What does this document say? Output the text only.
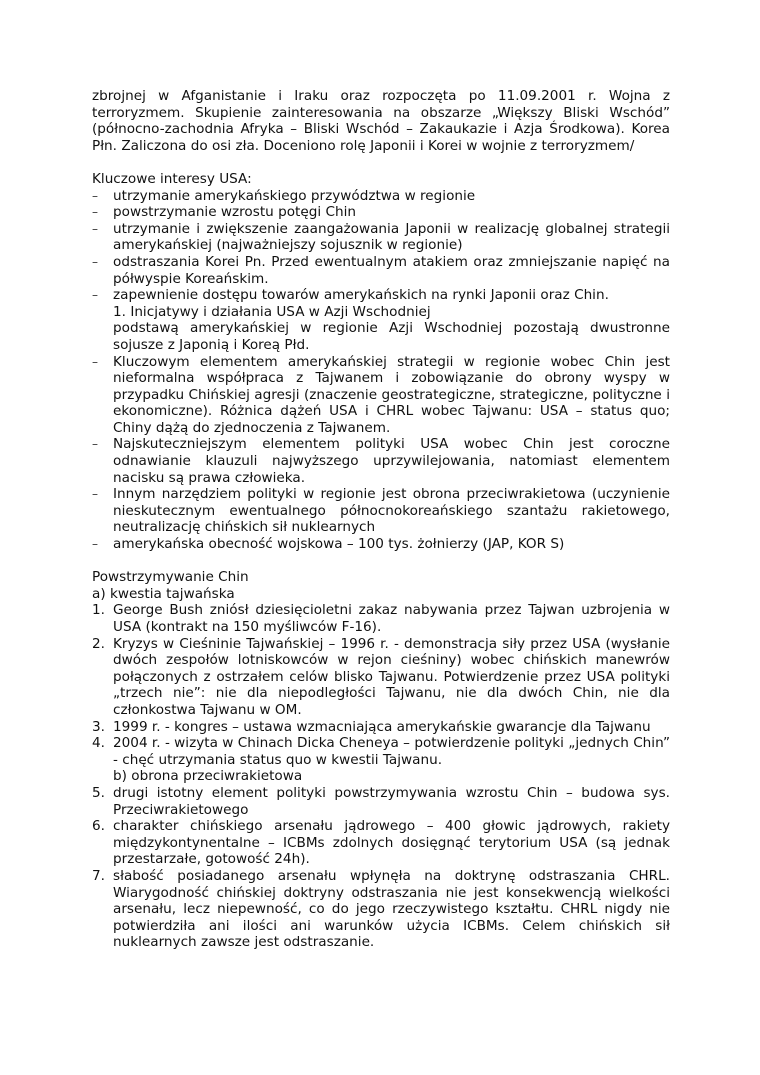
zbrojnej w Afganistanie i Iraku oraz rozpoczęta po 11.09.2001 r. Wojna z terroryzmem. Skupienie zainteresowania na obszarze „Większy Bliski Wschód” (północno-zachodnia Afryka – Bliski Wschód – Zakaukazie i Azja Środkowa). Korea Płn. Zaliczona do osi zła. Doceniono rolę Japonii i Korei w wojnie z terroryzmem/

Kluczowe interesy USA:

– utrzymanie amerykańskiego przywództwa w regionie
– powstrzymanie wzrostu potęgi Chin
– utrzymanie i zwiększenie zaangażowania Japonii w realizację globalnej strategii amerykańskiej (najważniejszy sojusznik w regionie)
– odstraszania Korei Pn. Przed ewentualnym atakiem oraz zmniejszanie napięć na półwyspie Koreańskim.
– zapewnienie dostępu towarów amerykańskich na rynki Japonii oraz Chin.

1. Inicjatywy i działania USA w Azji Wschodniej

podstawą amerykańskiej w regionie Azji Wschodniej pozostają dwustronne sojusze z Japonią i Koreą Płd.

– Kluczowym elementem amerykańskiej strategii w regionie wobec Chin jest nieformalna współpraca z Tajwanem i zobowiązanie do obrony wyspy w przypadku Chińskiej agresji (znaczenie geostrategiczne, strategiczne, polityczne i ekonomiczne). Różnica dążeń USA i CHRL wobec Tajwanu: USA – status quo; Chiny dążą do zjednoczenia z Tajwanem.
– Najskuteczniejszym elementem polityki USA wobec Chin jest coroczne odnawianie klauzuli najwyższego uprzywilejowania, natomiast elementem nacisku są prawa człowieka.
– Innym narzędziem polityki w regionie jest obrona przeciwrakietowa (uczynienie nieskutecznym ewentualnego północnokoreańskiego szantażu rakietowego, neutralizację chińskich sił nuklearnych
– amerykańska obecność wojskowa – 100 tys. żołnierzy (JAP, KOR S)

Powstrzymywanie Chin

a) kwestia tajwańska

1. George Bush zniósł dziesięcioletni zakaz nabywania przez Tajwan uzbrojenia w USA (kontrakt na 150 myśliwców F-16).
2. Kryzys w Cieśninie Tajwańskiej – 1996 r. - demonstracja siły przez USA (wysłanie dwóch zespołów lotniskowców w rejon cieśniny) wobec chińskich manewrów połączonych z ostrzałem celów blisko Tajwanu. Potwierdzenie przez USA polityki „trzech nie”: nie dla niepodległości Tajwanu, nie dla dwóch Chin, nie dla członkostwa Tajwanu w OM.
3. 1999 r. - kongres – ustawa wzmacniająca amerykańskie gwarancje dla Tajwanu
4. 2004 r. - wizyta w Chinach Dicka Cheneya – potwierdzenie polityki „jednych Chin” - chęć utrzymania status quo w kwestii Tajwanu.

b) obrona przeciwrakietowa

5. drugi istotny element polityki powstrzymywania wzrostu Chin – budowa sys. Przeciwrakietowego
6. charakter chińskiego arsenału jądrowego – 400 głowic jądrowych, rakiety międzykontynentalne – ICBMs zdolnych dosięgnąć terytorium USA (są jednak przestarzałe, gotowość 24h).
7. słabość posiadanego arsenału wpłynęła na doktrynę odstraszania CHRL. Wiarygodność chińskiej doktryny odstraszania nie jest konsekwencją wielkości arsenału, lecz niepewność, co do jego rzeczywistego kształtu. CHRL nigdy nie potwierdziła ani ilości ani warunków użycia ICBMs. Celem chińskich sił nuklearnych zawsze jest odstraszanie.
